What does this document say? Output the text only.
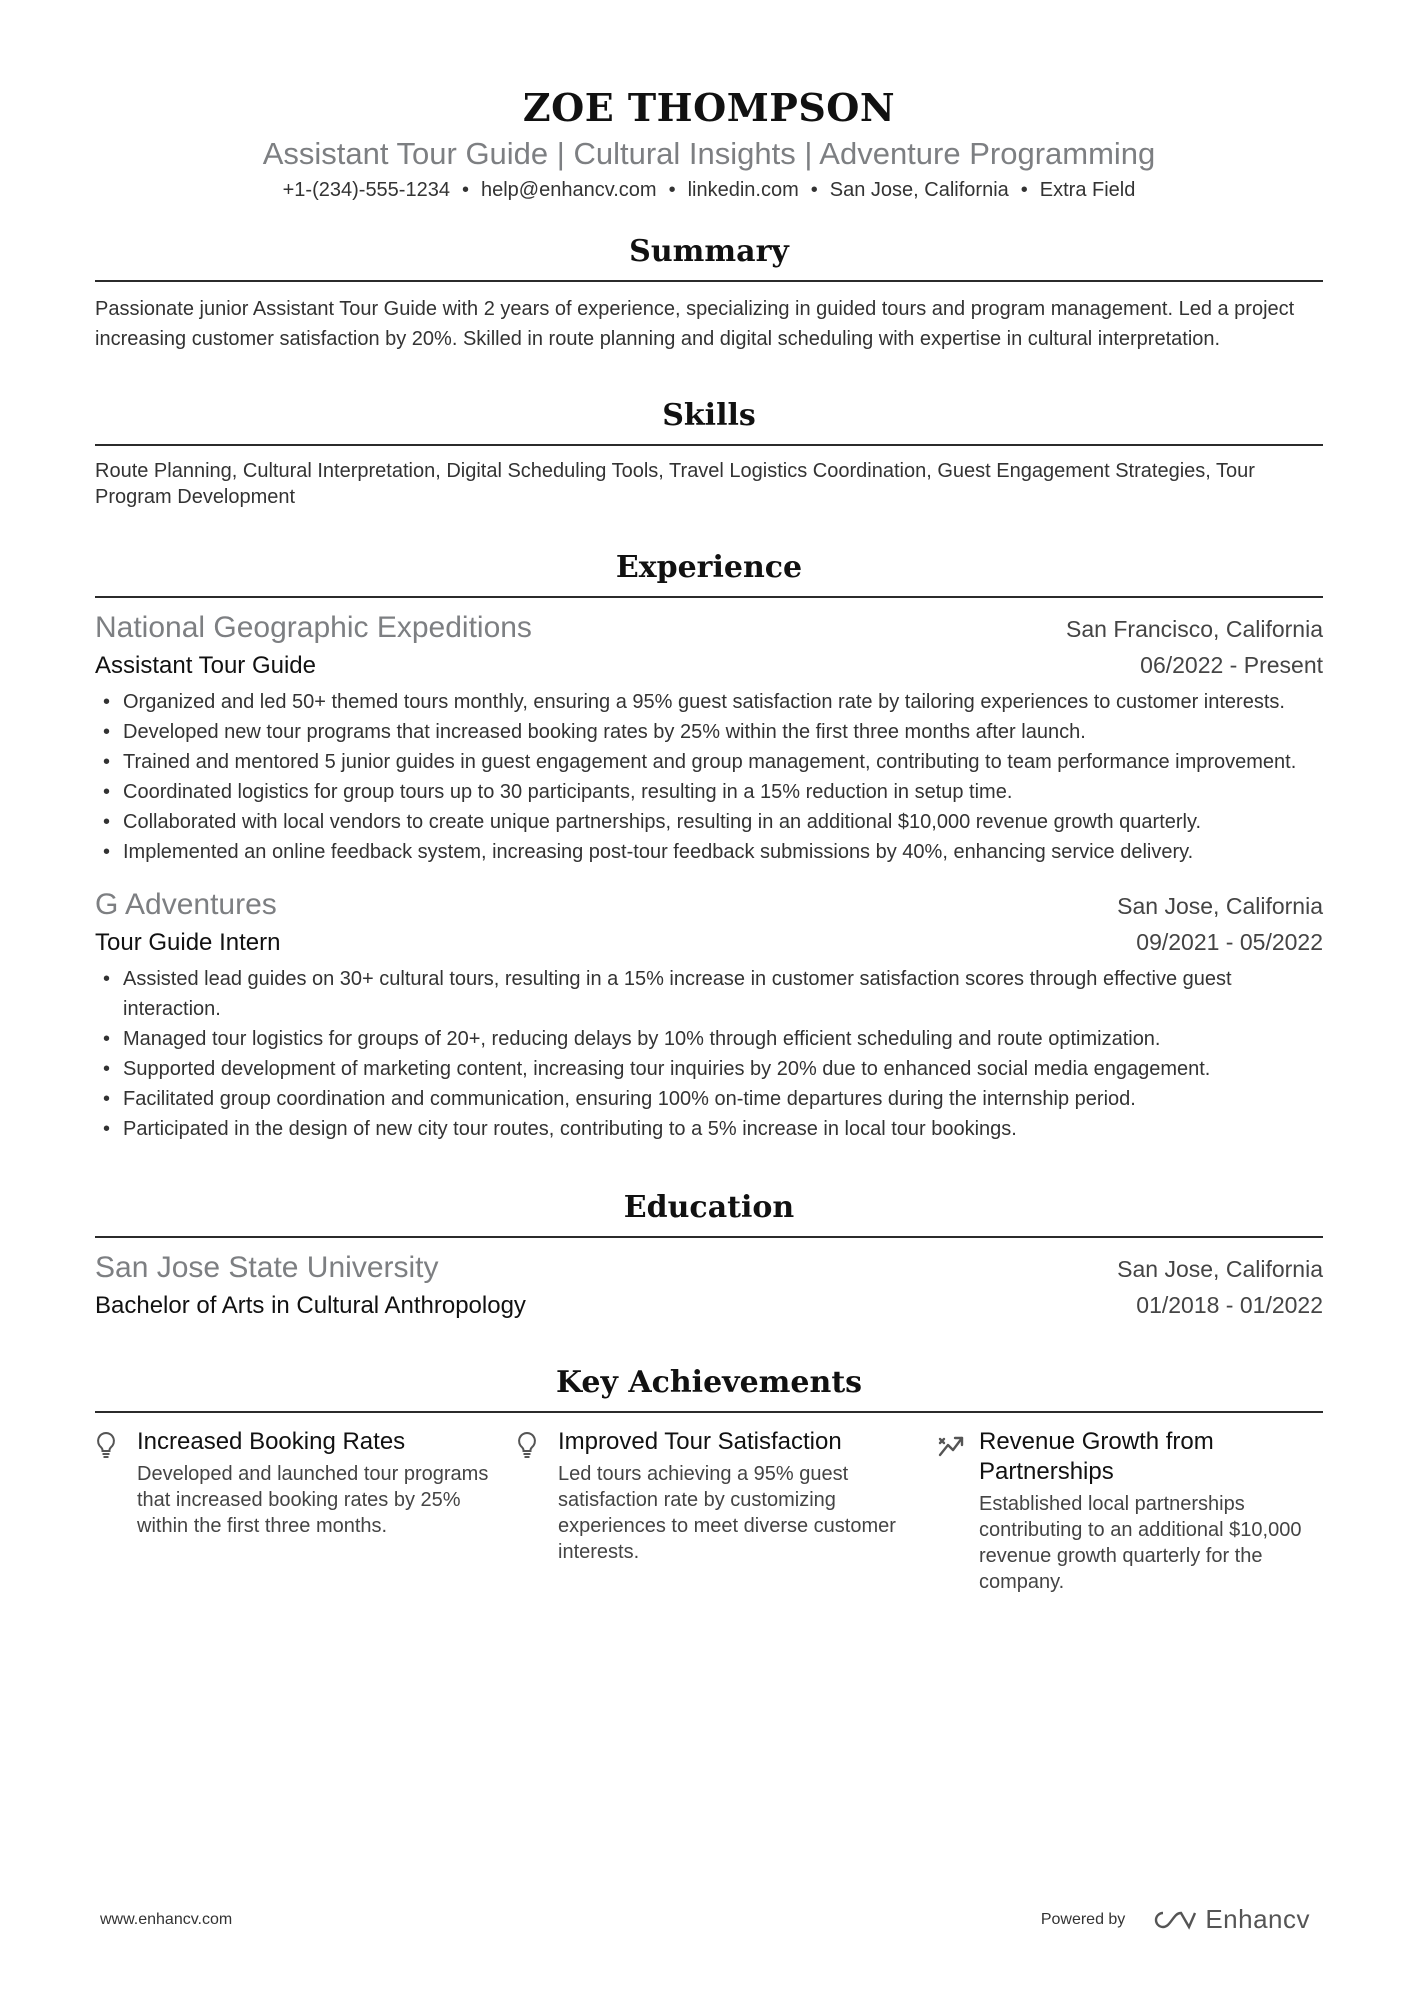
ZOE THOMPSON
Assistant Tour Guide | Cultural Insights | Adventure Programming
+1-(234)-555-1234 • help@enhancv.com • linkedin.com • San Jose, California • Extra Field
Summary
Passionate junior Assistant Tour Guide with 2 years of experience, specializing in guided tours and program management. Led a project increasing customer satisfaction by 20%. Skilled in route planning and digital scheduling with expertise in cultural interpretation.
Skills
Route Planning, Cultural Interpretation, Digital Scheduling Tools, Travel Logistics Coordination, Guest Engagement Strategies, Tour Program Development
Experience
National Geographic Expeditions	San Francisco, California
Assistant Tour Guide	06/2022 - Present
• Organized and led 50+ themed tours monthly, ensuring a 95% guest satisfaction rate by tailoring experiences to customer interests.
• Developed new tour programs that increased booking rates by 25% within the first three months after launch.
• Trained and mentored 5 junior guides in guest engagement and group management, contributing to team performance improvement.
• Coordinated logistics for group tours up to 30 participants, resulting in a 15% reduction in setup time.
• Collaborated with local vendors to create unique partnerships, resulting in an additional $10,000 revenue growth quarterly.
• Implemented an online feedback system, increasing post-tour feedback submissions by 40%, enhancing service delivery.
G Adventures	San Jose, California
Tour Guide Intern	09/2021 - 05/2022
• Assisted lead guides on 30+ cultural tours, resulting in a 15% increase in customer satisfaction scores through effective guest interaction.
• Managed tour logistics for groups of 20+, reducing delays by 10% through efficient scheduling and route optimization.
• Supported development of marketing content, increasing tour inquiries by 20% due to enhanced social media engagement.
• Facilitated group coordination and communication, ensuring 100% on-time departures during the internship period.
• Participated in the design of new city tour routes, contributing to a 5% increase in local tour bookings.
Education
San Jose State University	San Jose, California
Bachelor of Arts in Cultural Anthropology	01/2018 - 01/2022
Key Achievements
Increased Booking Rates
Developed and launched tour programs that increased booking rates by 25% within the first three months.
Improved Tour Satisfaction
Led tours achieving a 95% guest satisfaction rate by customizing experiences to meet diverse customer interests.
Revenue Growth from Partnerships
Established local partnerships contributing to an additional $10,000 revenue growth quarterly for the company.
www.enhancv.com	Powered by	Enhancv
